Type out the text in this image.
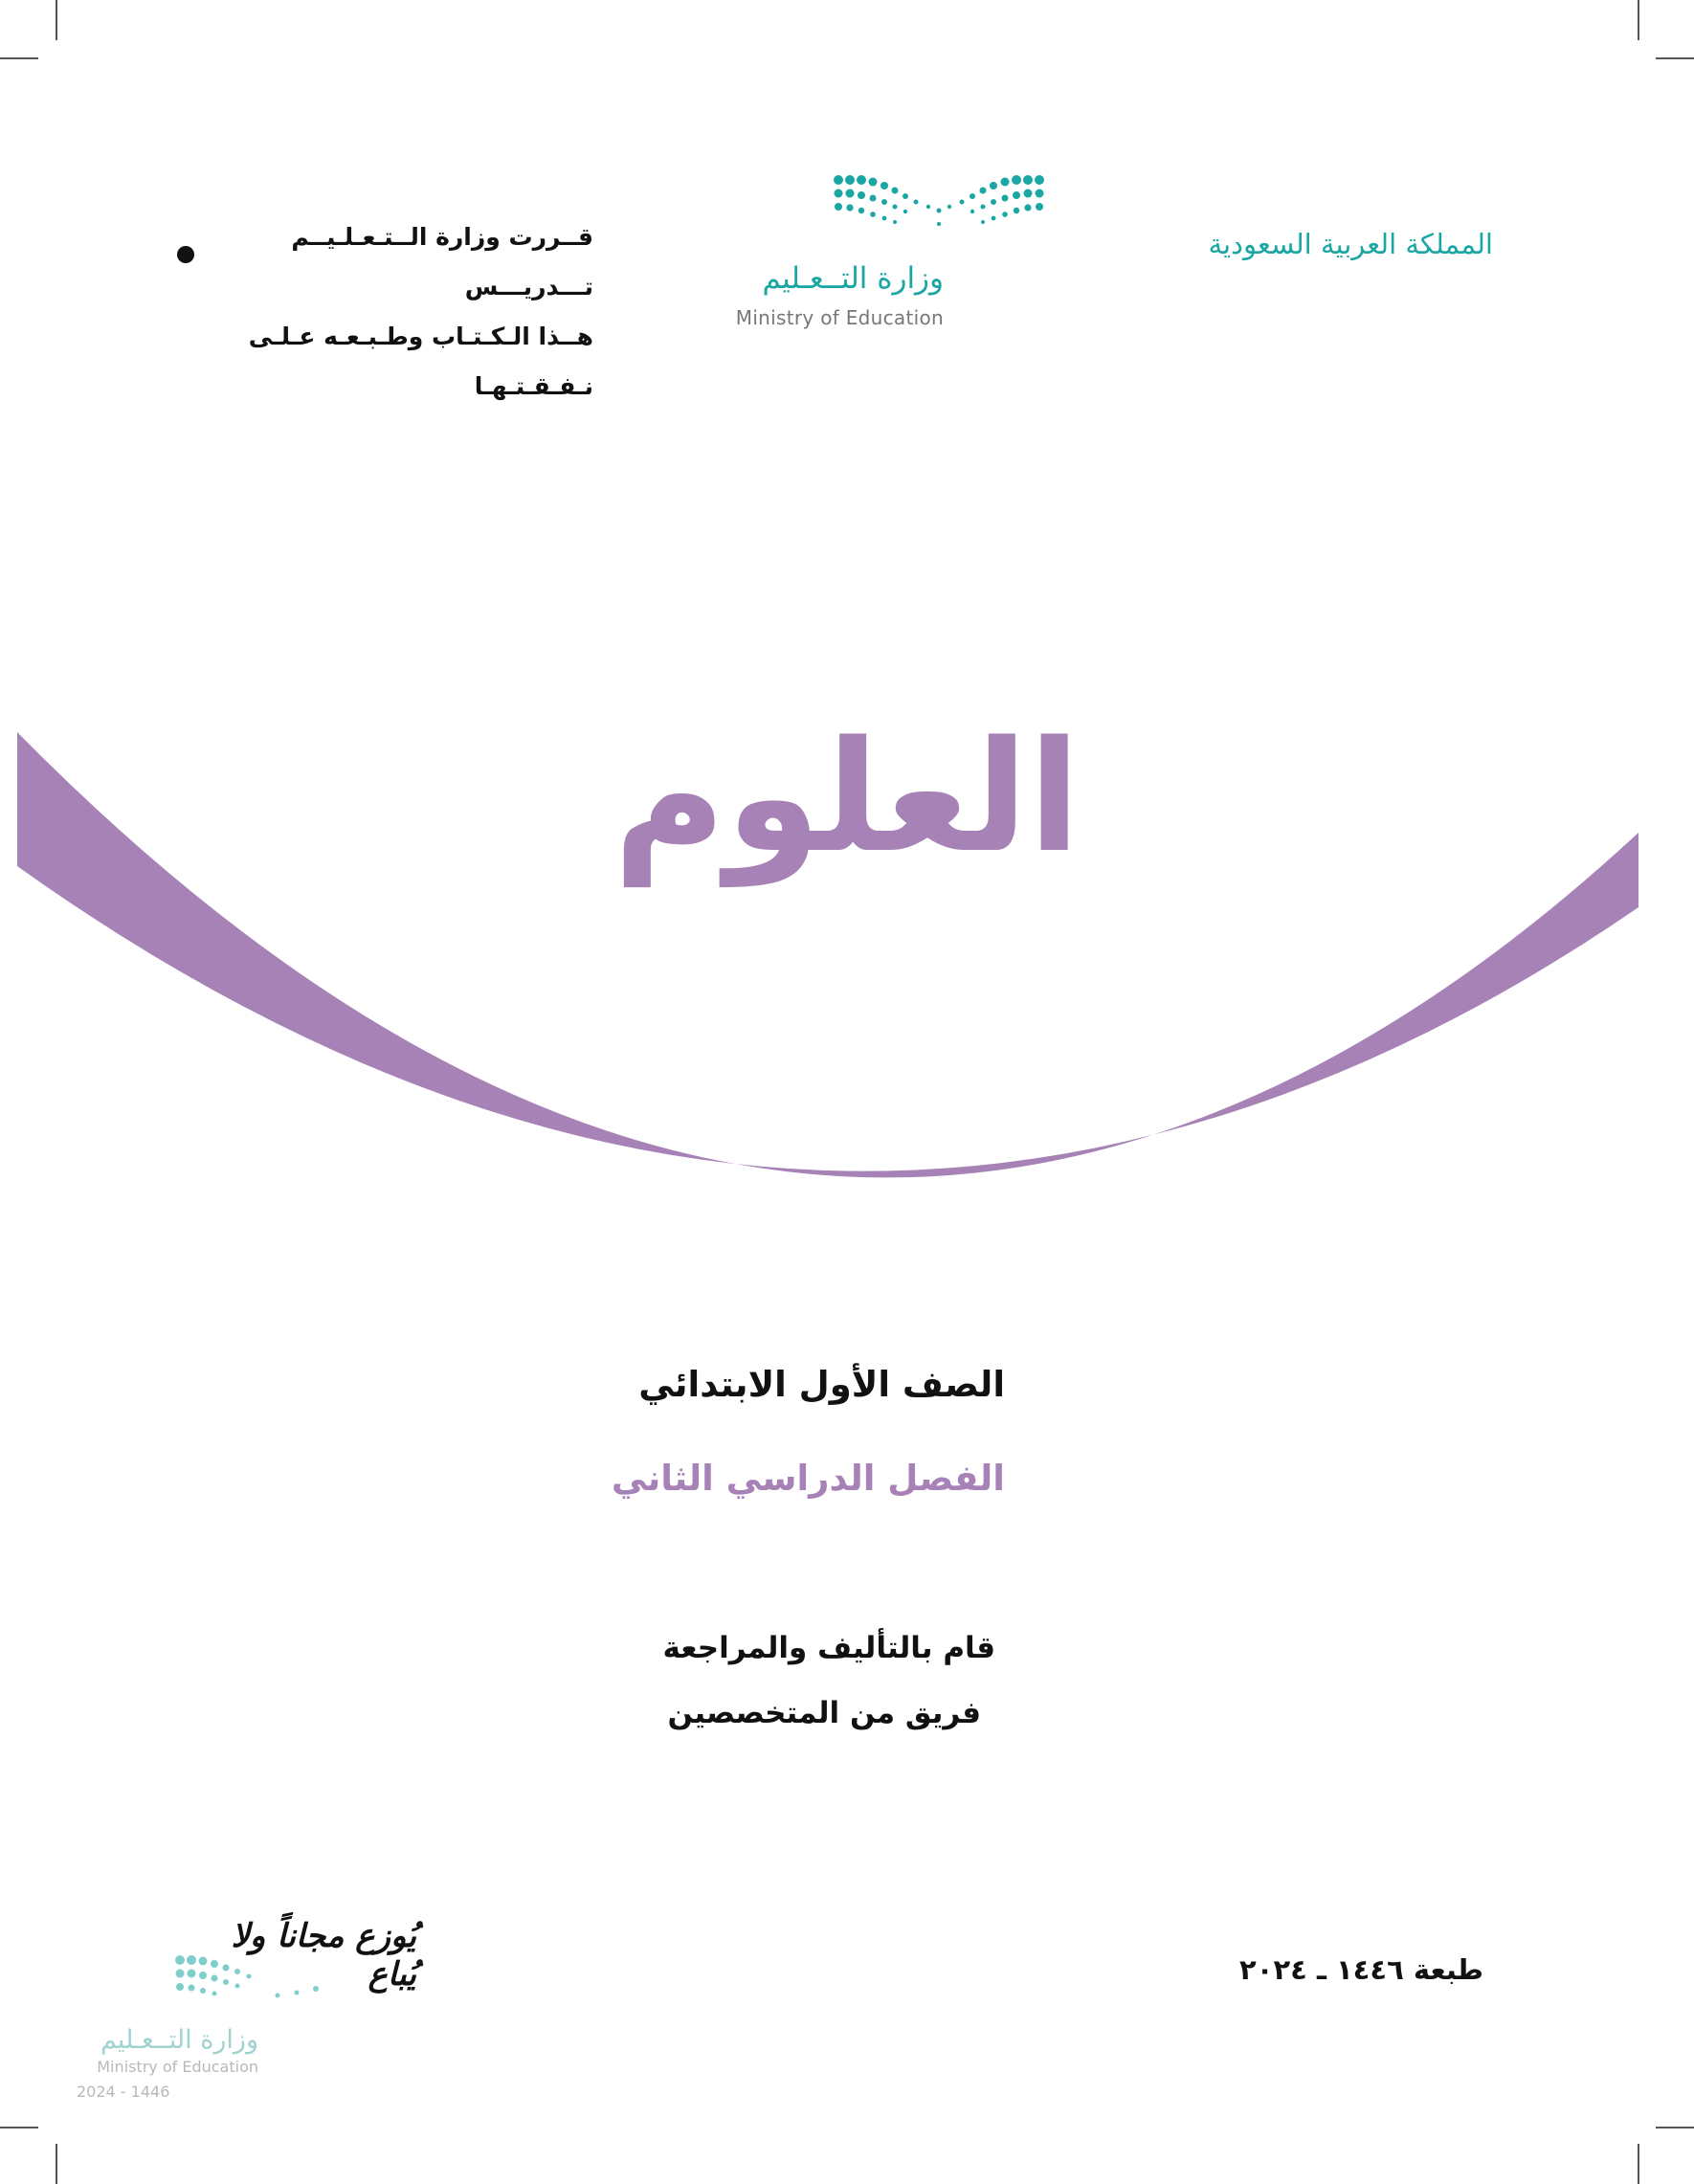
المملكة العربية السعودية
قــررت وزارة الــتـعـلـيــم تـــدريـــس
هــذا الـكـتـاب وطـبـعـه عـلـى نـفـقـتـهـا
وزارة التــعـليم
Ministry of Education
العلوم
الصف الأول الابتدائي
الفصل الدراسي الثاني
قام بالتأليف والمراجعة
فريق من المتخصصين
طبعة ١٤٤٦ ـ ٢٠٢٤
يُوزع مجاناً ولا يُباع
وزارة التــعـليم
Ministry of Education
2024 - 1446
